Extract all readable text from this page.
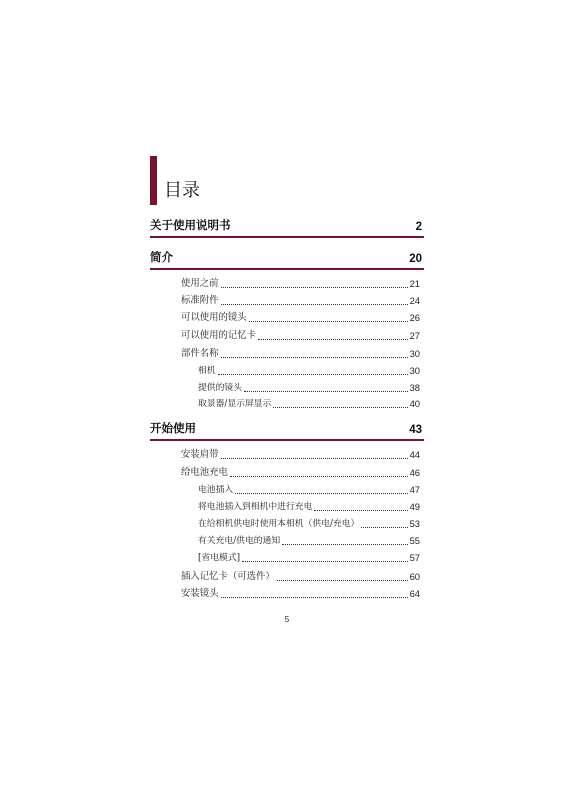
目录
关于使用说明书	2
简介	20
使用之前	21
标准附件	24
可以使用的镜头	26
可以使用的记忆卡	27
部件名称	30
相机	30
提供的镜头	38
取景器/显示屏显示	40
开始使用	43
安装肩带	44
给电池充电	46
电池插入	47
将电池插入到相机中进行充电	49
在给相机供电时使用本相机（供电/充电）	53
有关充电/供电的通知	55
[省电模式]	57
插入记忆卡（可选件）	60
安装镜头	64
5
